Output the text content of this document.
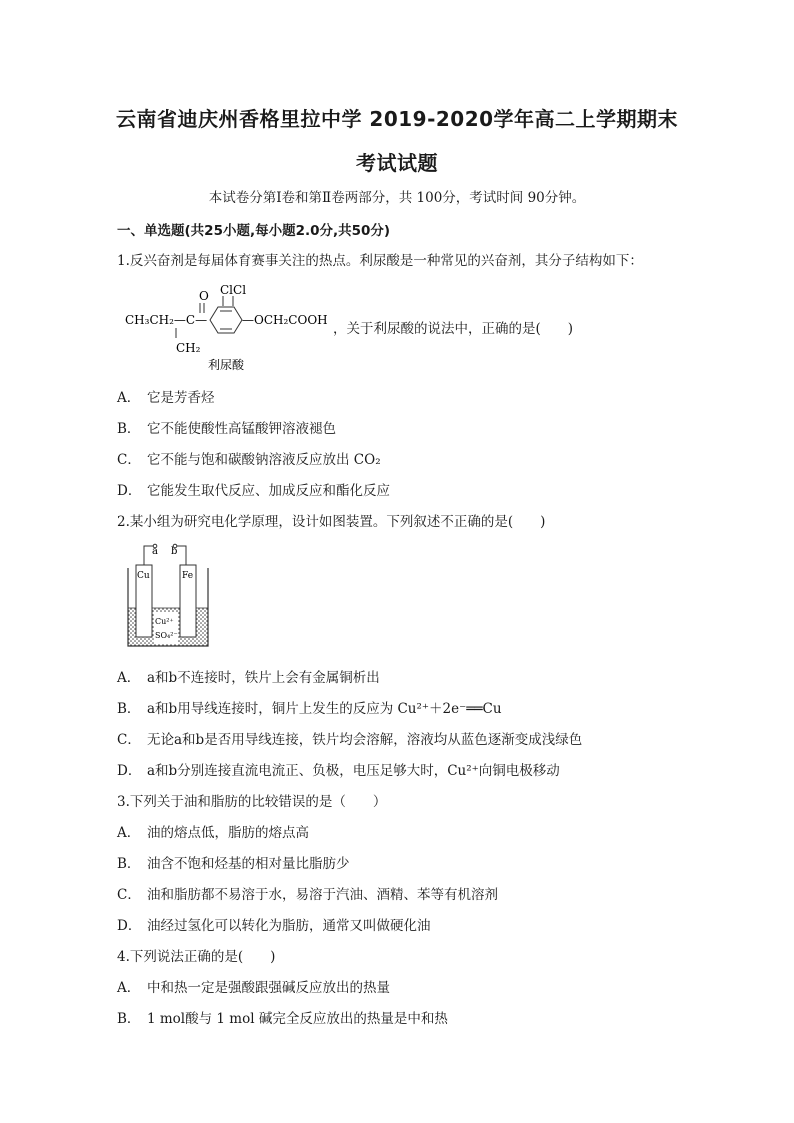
云南省迪庆州香格里拉中学 2019-2020学年高二上学期期末
考试试题
本试卷分第Ⅰ卷和第Ⅱ卷两部分，共 100分，考试时间 90分钟。
一、单选题(共25小题,每小题2.0分,共50分)
1.反兴奋剂是每届体育赛事关注的热点。利尿酸是一种常见的兴奋剂，其分子结构如下：
O ClCl
CH₃CH₂—C—
CH₂
—OCH₂COOH
利尿酸
，关于利尿酸的说法中，正确的是(　　)
A． 它是芳香烃
B． 它不能使酸性高锰酸钾溶液褪色
C． 它不能与饱和碳酸钠溶液反应放出 CO₂
D． 它能发生取代反应、加成反应和酯化反应
2.某小组为研究电化学原理，设计如图装置。下列叙述不正确的是(　　)
a b
Cu	Fe
Cu²⁺
SO₄²⁻
A． a和b不连接时，铁片上会有金属铜析出
B． a和b用导线连接时，铜片上发生的反应为 Cu²⁺＋2e⁻══Cu
C． 无论a和b是否用导线连接，铁片均会溶解，溶液均从蓝色逐渐变成浅绿色
D． a和b分别连接直流电流正、负极，电压足够大时，Cu²⁺向铜电极移动
3.下列关于油和脂肪的比较错误的是（　　）
A． 油的熔点低，脂肪的熔点高
B． 油含不饱和烃基的相对量比脂肪少
C． 油和脂肪都不易溶于水，易溶于汽油、酒精、苯等有机溶剂
D． 油经过氢化可以转化为脂肪，通常又叫做硬化油
4.下列说法正确的是(　　)
A． 中和热一定是强酸跟强碱反应放出的热量
B． 1 mol酸与 1 mol 碱完全反应放出的热量是中和热
